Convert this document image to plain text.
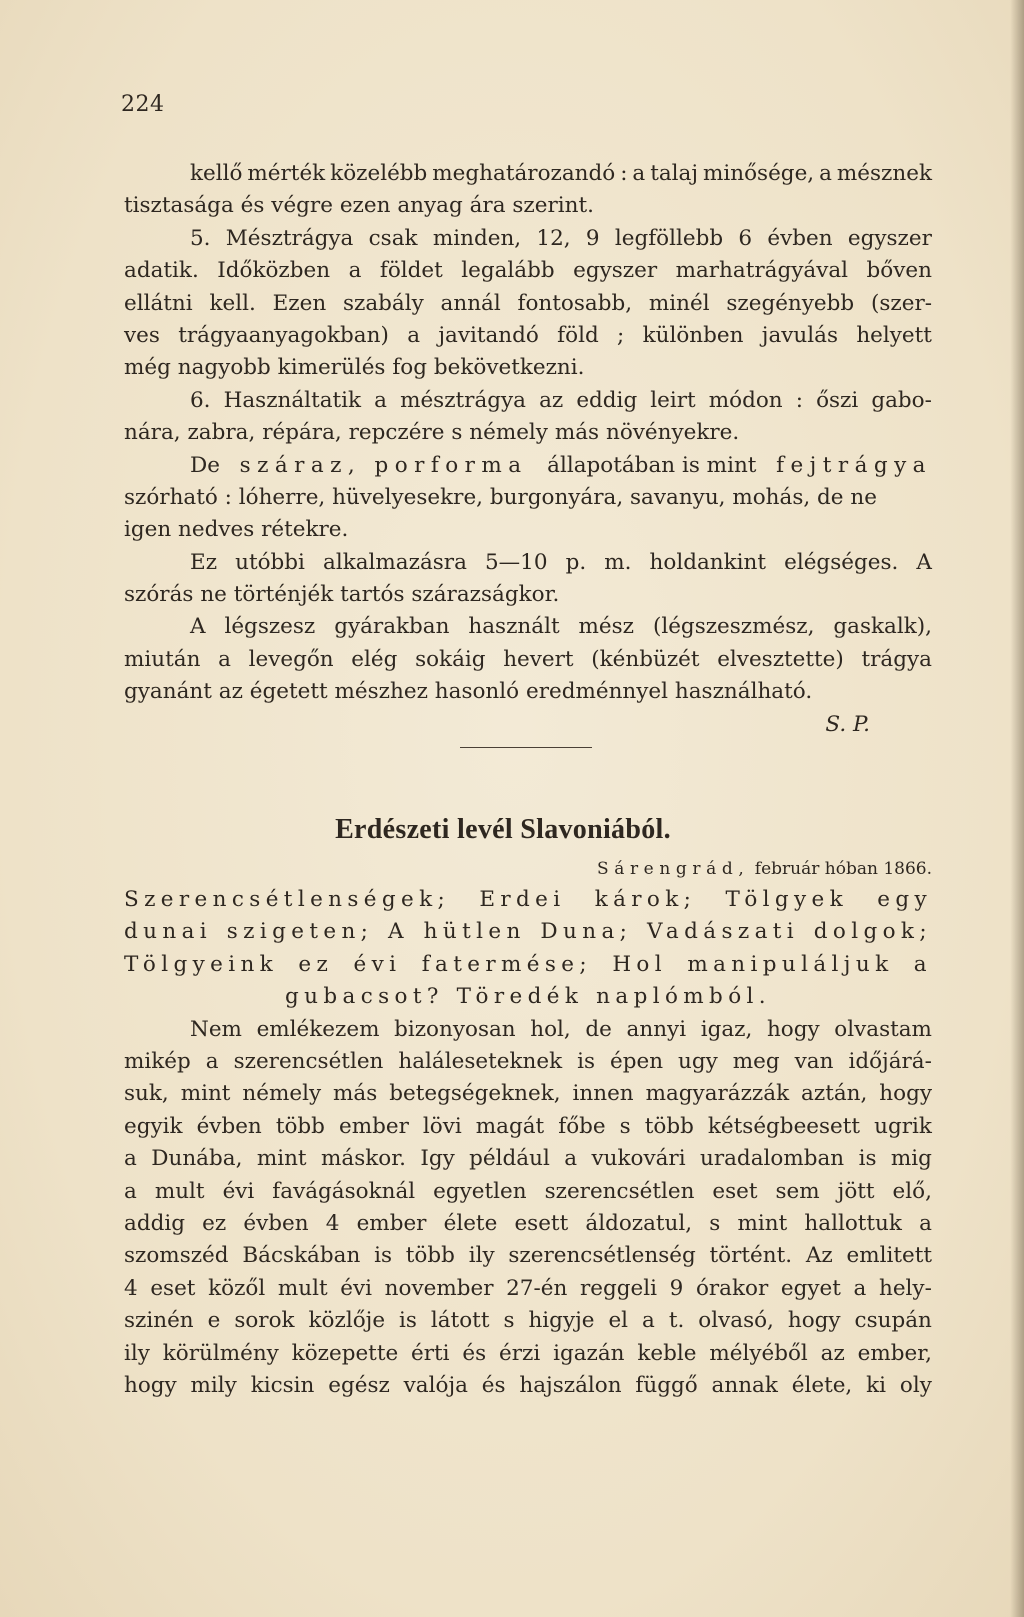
224
kellő mérték közelébb meghatározandó : a talaj minősége, a mésznek
tisztasága és végre ezen anyag ára szerint.
5. Mésztrágya csak minden, 12, 9 legföllebb 6 évben egyszer
adatik. Időközben a földet legalább egyszer marhatrágyával bőven
ellátni kell. Ezen szabály annál fontosabb, minél szegényebb (szer-
ves trágyaanyagokban) a javitandó föld ; különben javulás helyett
még nagyobb kimerülés fog bekövetkezni.
6. Használtatik a mésztrágya az eddig leirt módon : őszi gabo-
nára, zabra, répára, repczére s némely más növényekre.
De száraz, porforma állapotában is mint fejtrágya
szórható : lóherre, hüvelyesekre, burgonyára, savanyu, mohás, de ne
igen nedves rétekre.
Ez utóbbi alkalmazásra 5—10 p. m. holdankint elégséges. A
szórás ne történjék tartós szárazságkor.
A légszesz gyárakban használt mész (légszeszmész, gaskalk),
miután a levegőn elég sokáig hevert (kénbüzét elvesztette) trágya
gyanánt az égetett mészhez hasonló eredménnyel használható.
S. P.
Erdészeti levél Slavoniából.
Sárengrád, február hóban 1866.
Szerencsétlenségek; Erdei károk; Tölgyek egy
dunai szigeten; A hütlen Duna; Vadászati dolgok;
Tölgyeink ez évi fatermése; Hol manipuláljuk a
gubacsot? Töredék naplómból.
Nem emlékezem bizonyosan hol, de annyi igaz, hogy olvastam
mikép a szerencsétlen haláleseteknek is épen ugy meg van időjárá-
suk, mint némely más betegségeknek, innen magyarázzák aztán, hogy
egyik évben több ember lövi magát főbe s több kétségbeesett ugrik
a Dunába, mint máskor. Igy például a vukovári uradalomban is mig
a mult évi favágásoknál egyetlen szerencsétlen eset sem jött elő,
addig ez évben 4 ember élete esett áldozatul, s mint hallottuk a
szomszéd Bácskában is több ily szerencsétlenség történt. Az emlitett
4 eset közől mult évi november 27-én reggeli 9 órakor egyet a hely-
szinén e sorok közlője is látott s higyje el a t. olvasó, hogy csupán
ily körülmény közepette érti és érzi igazán keble mélyéből az ember,
hogy mily kicsin egész valója és hajszálon függő annak élete, ki oly
